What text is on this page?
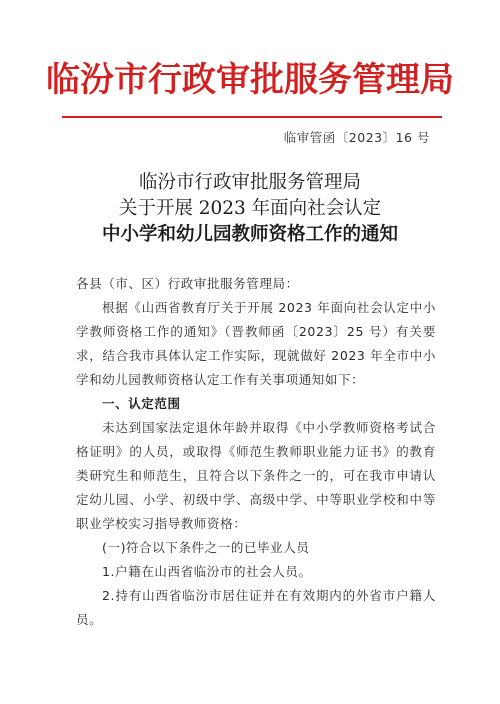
临汾市行政审批服务管理局
临审管函〔2023〕16 号
临汾市行政审批服务管理局
关于开展 2023 年面向社会认定
中小学和幼儿园教师资格工作的通知

各县（市、区）行政审批服务管理局：

根据《山西省教育厅关于开展 2023 年面向社会认定中小学教师资格工作的通知》（晋教师函〔2023〕25 号）有关要求，结合我市具体认定工作实际，现就做好 2023 年全市中小学和幼儿园教师资格认定工作有关事项通知如下：

一、认定范围

未达到国家法定退休年龄并取得《中小学教师资格考试合格证明》的人员，或取得《师范生教师职业能力证书》的教育类研究生和师范生，且符合以下条件之一的，可在我市申请认定幼儿园、小学、初级中学、高级中学、中等职业学校和中等职业学校实习指导教师资格：

(一)符合以下条件之一的已毕业人员

1.户籍在山西省临汾市的社会人员。

2.持有山西省临汾市居住证并在有效期内的外省市户籍人员。
